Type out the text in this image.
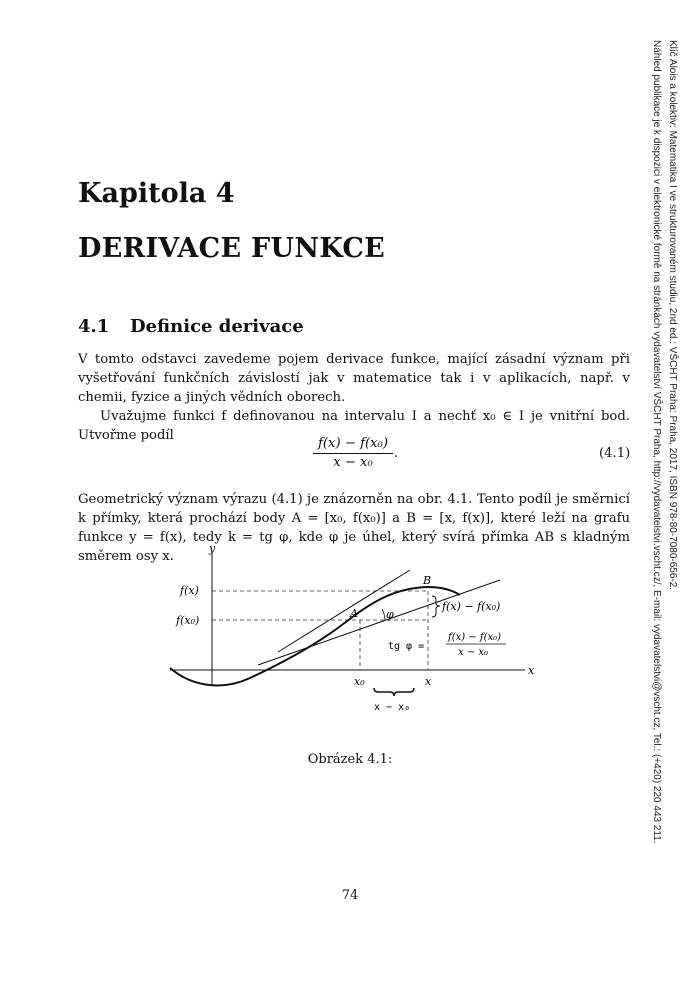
Kapitola 4
DERIVACE FUNKCE
4.1 Definice derivace

V tomto odstavci zavedeme pojem derivace funkce, mající zásadní význam při vyšetřování funkčních závislostí jak v matematice tak i v aplikacích, např. v chemii, fyzice a jiných vědních oborech.

Uvažujme funkci f definovanou na intervalu I a nechť x₀ ∈ I je vnitřní bod. Utvořme podíl

$\frac{\text{f(x) − f(x₀)}}{\text{x − x₀}}$ .	(4.1)

Geometrický význam výrazu (4.1) je znázorněn na obr. 4.1. Tento podíl je směrnicí k přímky, která prochází body A = [x₀, f(x₀)] a B = [x, f(x)], které leží na grafu funkce y = f(x), tedy k = tg φ, kde φ je úhel, který svírá přímka AB s kladným směrem osy x.

y
x
f(x)
f(x₀)
A
B
φ
f(x) − f(x₀)
tg φ =
f(x) − f(x₀)
x − x₀
x₀	x
x − x₀
Obrázek 4.1:
74
Klíč Alois a kolektiv: Matematika I ve strukturovaném studiu, 2nd ed.: VŠCHT Praha: Praha, 2017, ISBN 978-80-7080-656-2.
Náhled publikace je k dispozici v elektronické formě na stránkách vydavatelství VŠCHT Praha, http://vydavatelstvi.vscht.cz/, E-mail: vydavatelstvi@vscht.cz, Tel.: (+420) 220 443 211.
